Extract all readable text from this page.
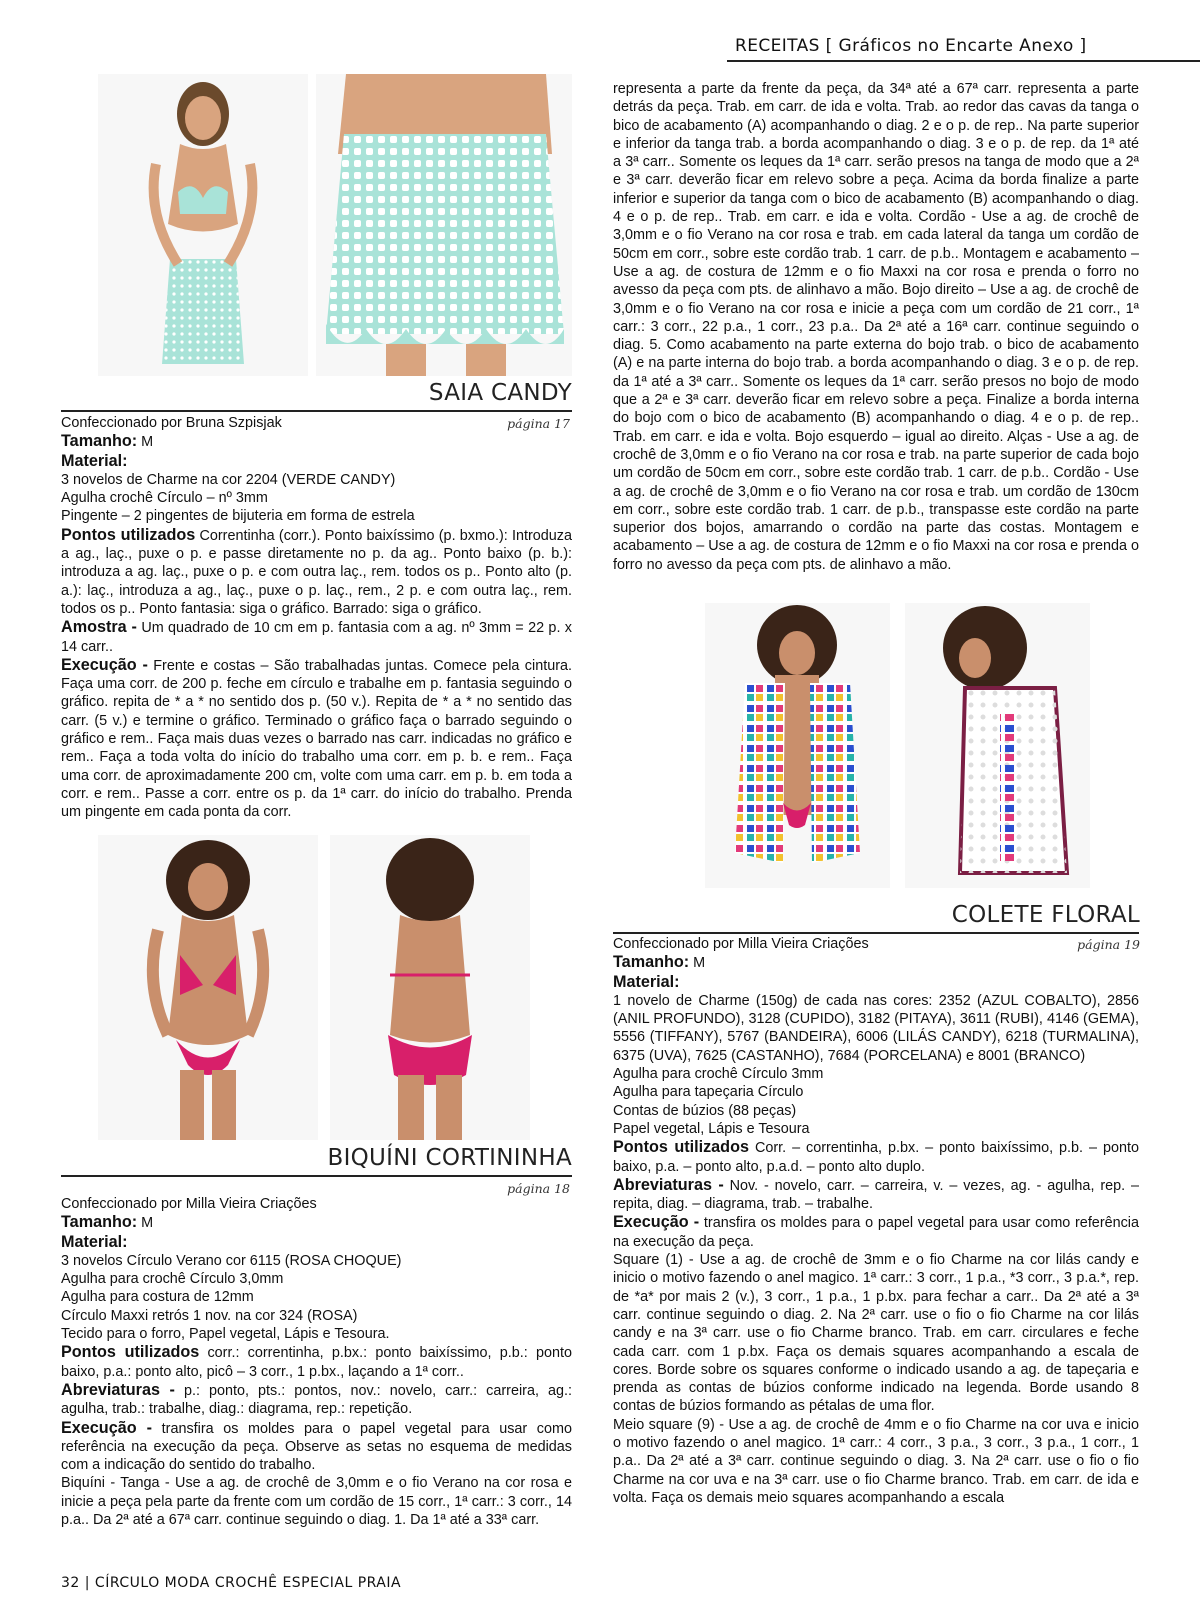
RECEITAS [ Gráficos no Encarte Anexo ]
SAIA CANDY
página 17

Confeccionado por Bruna Szpisjak

Tamanho: M

Material:

3 novelos de Charme na cor 2204 (VERDE CANDY)

Agulha crochê Círculo – nº 3mm

Pingente – 2 pingentes de bijuteria em forma de estrela

Pontos utilizados Correntinha (corr.). Ponto baixíssimo (p. bxmo.): Introduza a ag., laç., puxe o p. e passe diretamente no p. da ag.. Ponto baixo (p. b.): introduza a ag. laç., puxe o p. e com outra laç., rem. todos os p.. Ponto alto (p. a.): laç., introduza a ag., laç., puxe o p. laç., rem., 2 p. e com outra laç., rem. todos os p.. Ponto fantasia: siga o gráfico. Barrado: siga o gráfico.

Amostra - Um quadrado de 10 cm em p. fantasia com a ag. nº 3mm = 22 p. x 14 carr..

Execução - Frente e costas – São trabalhadas juntas. Comece pela cintura. Faça uma corr. de 200 p. feche em círculo e trabalhe em p. fantasia seguindo o gráfico. repita de * a * no sentido dos p. (50 v.). Repita de * a * no sentido das carr. (5 v.) e termine o gráfico. Terminado o gráfico faça o barrado seguindo o gráfico e rem.. Faça mais duas vezes o barrado nas carr. indicadas no gráfico e rem.. Faça a toda volta do início do trabalho uma corr. em p. b. e rem.. Faça uma corr. de aproximadamente 200 cm, volte com uma carr. em p. b. em toda a corr. e rem.. Passe a corr. entre os p. da 1ª carr. do início do trabalho. Prenda um pingente em cada ponta da corr.

BIQUÍNI CORTININHA
página 18

Confeccionado por Milla Vieira Criações

Tamanho: M

Material:

3 novelos Círculo Verano cor 6115 (ROSA CHOQUE)

Agulha para crochê Círculo 3,0mm

Agulha para costura de 12mm

Círculo Maxxi retrós 1 nov. na cor 324 (ROSA)

Tecido para o forro, Papel vegetal, Lápis e Tesoura.

Pontos utilizados corr.: correntinha, p.bx.: ponto baixíssimo, p.b.: ponto baixo, p.a.: ponto alto, picô – 3 corr., 1 p.bx., laçando a 1ª corr..

Abreviaturas - p.: ponto, pts.: pontos, nov.: novelo, carr.: carreira, ag.: agulha, trab.: trabalhe, diag.: diagrama, rep.: repetição.

Execução - transfira os moldes para o papel vegetal para usar como referência na execução da peça. Observe as setas no esquema de medidas com a indicação do sentido do trabalho.

Biquíni - Tanga - Use a ag. de crochê de 3,0mm e o fio Verano na cor rosa e inicie a peça pela parte da frente com um cordão de 15 corr., 1ª carr.: 3 corr., 14 p.a.. Da 2ª até a 67ª carr. continue seguindo o diag. 1. Da 1ª até a 33ª carr.

representa a parte da frente da peça, da 34ª até a 67ª carr. representa a parte detrás da peça. Trab. em carr. de ida e volta. Trab. ao redor das cavas da tanga o bico de acabamento (A) acompanhando o diag. 2 e o p. de rep.. Na parte superior e inferior da tanga trab. a borda acompanhando o diag. 3 e o p. de rep. da 1ª até a 3ª carr.. Somente os leques da 1ª carr. serão presos na tanga de modo que a 2ª e 3ª carr. deverão ficar em relevo sobre a peça. Acima da borda finalize a parte inferior e superior da tanga com o bico de acabamento (B) acompanhando o diag. 4 e o p. de rep.. Trab. em carr. e ida e volta. Cordão - Use a ag. de crochê de 3,0mm e o fio Verano na cor rosa e trab. em cada lateral da tanga um cordão de 50cm em corr., sobre este cordão trab. 1 carr. de p.b.. Montagem e acabamento – Use a ag. de costura de 12mm e o fio Maxxi na cor rosa e prenda o forro no avesso da peça com pts. de alinhavo a mão. Bojo direito – Use a ag. de crochê de 3,0mm e o fio Verano na cor rosa e inicie a peça com um cordão de 21 corr., 1ª carr.: 3 corr., 22 p.a., 1 corr., 23 p.a.. Da 2ª até a 16ª carr. continue seguindo o diag. 5. Como acabamento na parte externa do bojo trab. o bico de acabamento (A) e na parte interna do bojo trab. a borda acompanhando o diag. 3 e o p. de rep. da 1ª até a 3ª carr.. Somente os leques da 1ª carr. serão presos no bojo de modo que a 2ª e 3ª carr. deverão ficar em relevo sobre a peça. Finalize a borda interna do bojo com o bico de acabamento (B) acompanhando o diag. 4 e o p. de rep.. Trab. em carr. e ida e volta. Bojo esquerdo – igual ao direito. Alças - Use a ag. de crochê de 3,0mm e o fio Verano na cor rosa e trab. na parte superior de cada bojo um cordão de 50cm em corr., sobre este cordão trab. 1 carr. de p.b.. Cordão - Use a ag. de crochê de 3,0mm e o fio Verano na cor rosa e trab. um cordão de 130cm em corr., sobre este cordão trab. 1 carr. de p.b., transpasse este cordão na parte superior dos bojos, amarrando o cordão na parte das costas. Montagem e acabamento – Use a ag. de costura de 12mm e o fio Maxxi na cor rosa e prenda o forro no avesso da peça com pts. de alinhavo a mão.

COLETE FLORAL
página 19

Confeccionado por Milla Vieira Criações

Tamanho: M

Material:

1 novelo de Charme (150g) de cada nas cores: 2352 (AZUL COBALTO), 2856 (ANIL PROFUNDO), 3128 (CUPIDO), 3182 (PITAYA), 3611 (RUBI), 4146 (GEMA), 5556 (TIFFANY), 5767 (BANDEIRA), 6006 (LILÁS CANDY), 6218 (TURMALINA), 6375 (UVA), 7625 (CASTANHO), 7684 (PORCELANA) e 8001 (BRANCO)

Agulha para crochê Círculo 3mm

Agulha para tapeçaria Círculo

Contas de búzios (88 peças)

Papel vegetal, Lápis e Tesoura

Pontos utilizados Corr. – correntinha, p.bx. – ponto baixíssimo, p.b. – ponto baixo, p.a. – ponto alto, p.a.d. – ponto alto duplo.

Abreviaturas - Nov. - novelo, carr. – carreira, v. – vezes, ag. - agulha, rep. – repita, diag. – diagrama, trab. – trabalhe.

Execução - transfira os moldes para o papel vegetal para usar como referência na execução da peça.

Square (1) - Use a ag. de crochê de 3mm e o fio Charme na cor lilás candy e inicio o motivo fazendo o anel magico. 1ª carr.: 3 corr., 1 p.a., *3 corr., 3 p.a.*, rep. de *a* por mais 2 (v.), 3 corr., 1 p.a., 1 p.bx. para fechar a carr.. Da 2ª até a 3ª carr. continue seguindo o diag. 2. Na 2ª carr. use o fio o fio Charme na cor lilás candy e na 3ª carr. use o fio Charme branco. Trab. em carr. circulares e feche cada carr. com 1 p.bx. Faça os demais squares acompanhando a escala de cores. Borde sobre os squares conforme o indicado usando a ag. de tapeçaria e prenda as contas de búzios conforme indicado na legenda. Borde usando 8 contas de búzios formando as pétalas de uma flor.

Meio square (9) - Use a ag. de crochê de 4mm e o fio Charme na cor uva e inicio o motivo fazendo o anel magico. 1ª carr.: 4 corr., 3 p.a., 3 corr., 3 p.a., 1 corr., 1 p.a.. Da 2ª até a 3ª carr. continue seguindo o diag. 3. Na 2ª carr. use o fio o fio Charme na cor uva e na 3ª carr. use o fio Charme branco. Trab. em carr. de ida e volta. Faça os demais meio squares acompanhando a escala

32 | CÍRCULO MODA CROCHÊ ESPECIAL PRAIA
